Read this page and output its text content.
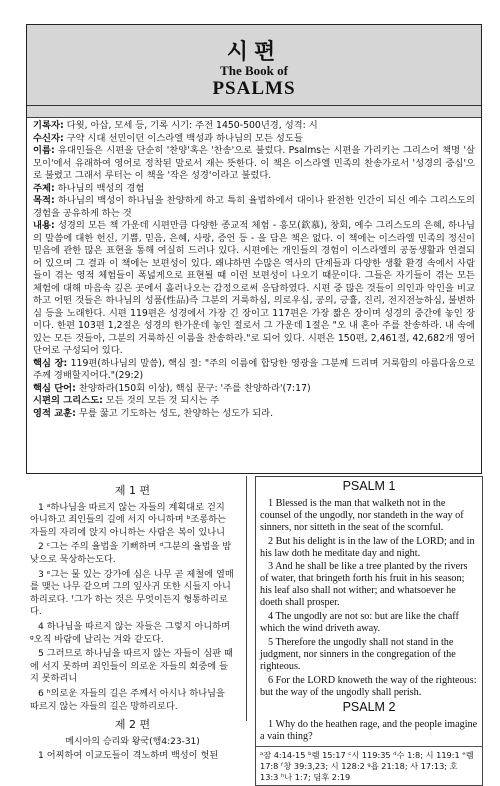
시편
The Book of
PSALMS

기록자: 다윗, 아삽, 모세 등, 기록 시기: 주전 1450-500년경, 성격: 시

수신자: 구약 시대 선민이던 이스라엘 백성과 하나님의 모든 성도들

이름: 유대인들은 시편을 단순히 '찬양'혹은 '찬송'으로 불렀다. Psalms는 시편을 가리키는 그리스어 책명 '살모이'에서 유래하여 영어로 정착된 말로서 재는 뜻한다. 이 책은 이스라엘 민족의 찬송가로서 '성경의 중심'으로 불렸고 그래서 루터는 이 책을 '작은 성경'이라고 불렀다.

주제: 하나님의 백성의 경험

목적: 하나님의 백성이 하나님을 찬양하게 하고 특히 율법하에서 대이나 완전한 인간이 되신 예수 그리스도의 경험을 공유하게 하는 것

내용: 성경의 모든 책 가운데 시편만큼 다양한 종교적 체험 - 흥모(欽慕), 창회, 예수 그리스도의 은혜, 하나님의 말씀에 대한 헌신, 기쁨, 믿음, 은혜, 사랑, 증언 등 - 을 담은 책은 없다. 이 책에는 이스라엘 민족의 정신이 믿음에 관한 많은 표현을 통해 여실히 드러나 있다. 시편에는 개인들의 경험이 이스라엘의 공동생활과 연결되어 있으며 그 결과 이 책에는 보편성이 있다. 왜냐하면 수많은 역사의 단계들과 다양한 생활 환경 속에서 사람들이 겪는 영적 체험들이 폭넓게으로 표현될 때 이런 보편성이 나오기 때문이다. 그들은 자기들이 겪는 모든 체험에 대해 마음속 깊은 곳에서 흘러나오는 감정으로써 응답하였다. 시편 중 많은 것들이 의인과 악인을 비교하고 어떤 것들은 하나님의 성품(性品)즉 그분의 거룩하심, 의로우심, 공의, 긍휼, 진리, 전지전능하심, 불변하심 등을 노래한다. 시편 119편은 성경에서 가장 긴 장이고 117편은 가장 짧은 장이며 성경의 중간에 놓인 장이다. 한편 103편 1,2절은 성경의 한가운데 놓인 절로서 그 가운데 1절은 "오 내 혼아 주를 찬송하라. 내 속에 있는 모든 것들아, 그분의 거룩하신 이름을 찬송하라."로 되어 있다. 시편은 150편, 2,461절, 42,682개 영어 단어로 구성되어 있다.

핵심 장: 119편(하나님의 말씀), 핵심 절: "주의 이름에 합당한 영광을 그분께 드리며 거룩함의 아름다움으로 주께 경배할지어다."(29:2)

핵심 단어: 찬양하라(150회 이상), 핵심 문구: '주를 찬양하라'(7:17)

시편의 그리스도: 모든 것의 모든 것 되시는 주

영적 교훈: 무릎 꿇고 기도하는 성도, 찬양하는 성도가 되라.

제 1 편

1 ᵃ하나님을 따르지 않는 자들의 계획대로 걷지 아니하고 죄인들의 길에 서지 아니하며 ᵇ조롱하는 자들의 자리에 앉지 아니하는 사람은 복이 있나니

2 ᶜ그는 주의 율법을 기뻐하며 ᵈ그분의 율법을 밤낮으로 묵상하는도다.

3 ᵉ그는 물 있는 강가에 심은 나무 곧 제철에 열매를 맺는 나무 같으며 그의 잎사귀 또한 시들지 아니하리로다. ᶠ그가 하는 것은 무엇이든지 형통하리로다.

4 하나님을 따르지 않는 자들은 그렇지 아니하며 ᵍ오직 바람에 날리는 겨와 같도다.

5 그러므로 하나님을 따르지 않는 자들이 심판 때에 서지 못하며 죄인들이 의로운 자들의 회중에 들지 못하리니

6 ʰ의로운 자들의 길은 주께서 아시나 하나님을 따르지 않는 자들의 길은 망하리로다.

제 2 편

메시아의 승리와 왕국(행4:23-31)

1 어찌하여 이교도들이 격노하며 백성이 헛된

PSALM 1

1 Blessed is the man that walketh not in the counsel of the ungodly, nor standeth in the way of sinners, nor sitteth in the seat of the scornful.

2 But his delight is in the law of the LORD; and in his law doth he meditate day and night.

3 And he shall be like a tree planted by the rivers of water, that bringeth forth his fruit in his season; his leaf also shall not wither; and whatsoever he doeth shall prosper.

4 The ungodly are not so: but are like the chaff which the wind driveth away.

5 Therefore the ungodly shall not stand in the judgment, nor sinners in the congregation of the righteous.

6 For the LORD knoweth the way of the righteous: but the way of the ungodly shall perish.

PSALM 2

1 Why do the heathen rage, and the people imagine a vain thing?

ᵃ잠 4:14-15 ᵇ렘 15:17 ᶜ시 119:35 ᵈ수 1:8; 시 119:1 ᵉ렘 17:8 ᶠ창 39:3,23; 시 128:2 ᵍ욥 21:18; 사 17:13; 호 13:3 ʰ나 1:7; 딤후 2:19
